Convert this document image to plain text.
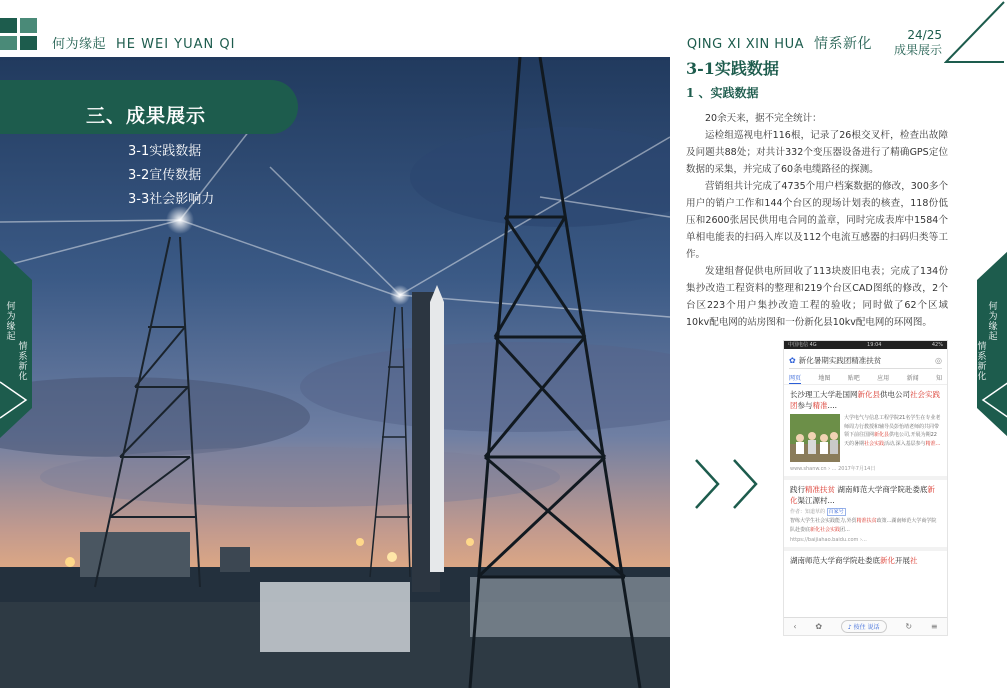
何为缘起 HE WEI YUAN QI	QING XI XIN HUA 情系新化
24/25
成果展示
三、成果展示
3-1实践数据
3-2宣传数据
3-3社会影响力
何为缘起
情系新化
何为缘起
情系新化
3-1实践数据
1 、实践数据

20余天来，据不完全统计：

运检组巡视电杆116根，记录了26根交叉杆，检查出故障及问题共88处；对共计332个变压器设备进行了精确GPS定位数据的采集，并完成了60条电缆路径的探测。

营销组共计完成了4735个用户档案数据的修改，300多个用户的销户工作和144个台区的现场计划表的核查，118份低压和2600张居民供用电合同的盖章，同时完成表库中1584个单相电能表的扫码入库以及112个电流互感器的扫码归类等工作。

发建组督促供电所回收了113块废旧电表；完成了134份集抄改造工程资料的整理和219个台区CAD图纸的修改，2个台区223个用户集抄改造工程的验收；同时做了62个区域10kv配电网的站房图和一份新化县10kv配电网的环网图。

中国电信 4G	19:04	42%
✿ 新化暑期实践团精准扶贫	◎
网页	地图	贴吧	应用	新闻	知
长沙理工大学赴国网新化县供电公司社会实践团参与精准....
大学电气与信息工程学院21名学生在专业老师周力行教授和辅导员彭怡靖老师的共同带领下前往国网新化县供电公司,开展为期22天的暑期社会实践活动,深入基层参与精准...
www.shanw.cn › ... 2017年7月14日
践行精准扶贫 湖南师范大学商学院赴娄底新化渠江源村...
作者：知道草的 百家号
智练大学生社会实践能力,外贸精准扶贫政策...湖南师范大学商学院队赴娄底新化社会实践团...
https://baijiahao.baidu.com ›...
湖南师范大学商学院赴娄底新化开展社
‹ ✿	♪ 按住 说话	↻ ≡
